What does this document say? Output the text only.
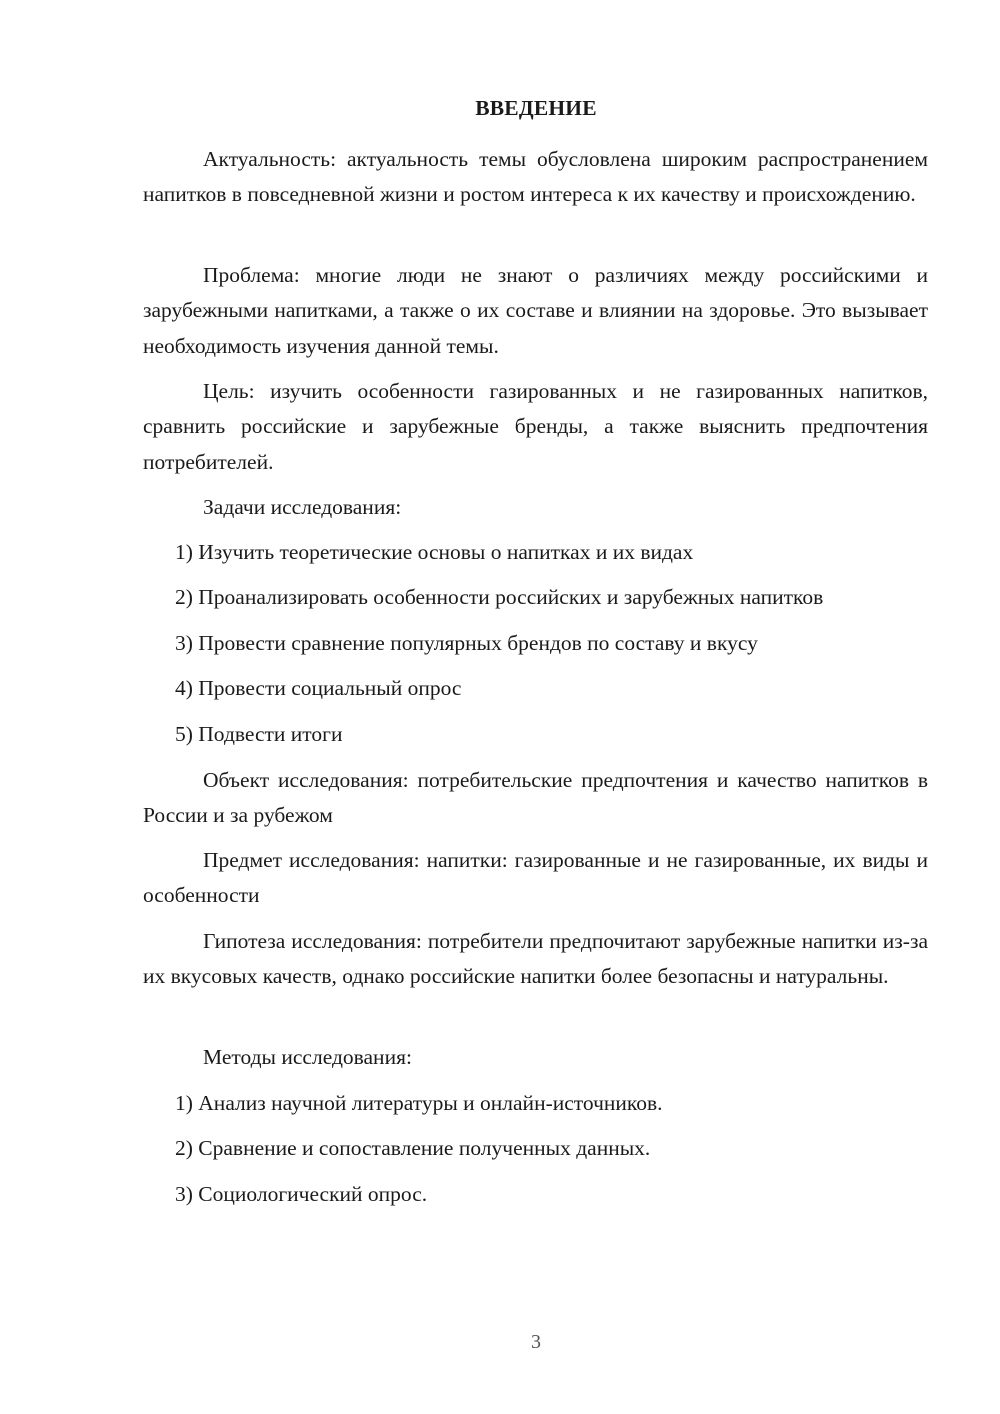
ВВЕДЕНИЕ

Актуальность: актуальность темы обусловлена широким распространением напитков в повседневной жизни и ростом интереса к их качеству и происхождению.

Проблема: многие люди не знают о различиях между российскими и зарубежными напитками, а также о их составе и влиянии на здоровье. Это вызывает необходимость изучения данной темы.

Цель: изучить особенности газированных и не газированных напитков, сравнить российские и зарубежные бренды, а также выяснить предпочтения потребителей.

Задачи исследования:

1) Изучить теоретические основы о напитках и их видах

2) Проанализировать особенности российских и зарубежных напитков

3) Провести сравнение популярных брендов по составу и вкусу

4) Провести социальный опрос

5) Подвести итоги

Объект исследования: потребительские предпочтения и качество напитков в России и за рубежом

Предмет исследования: напитки: газированные и не газированные, их виды и особенности

Гипотеза исследования: потребители предпочитают зарубежные напитки из-за их вкусовых качеств, однако российские напитки более безопасны и натуральны.

Методы исследования:

1) Анализ научной литературы и онлайн-источников.

2) Сравнение и сопоставление полученных данных.

3) Социологический опрос.

3
